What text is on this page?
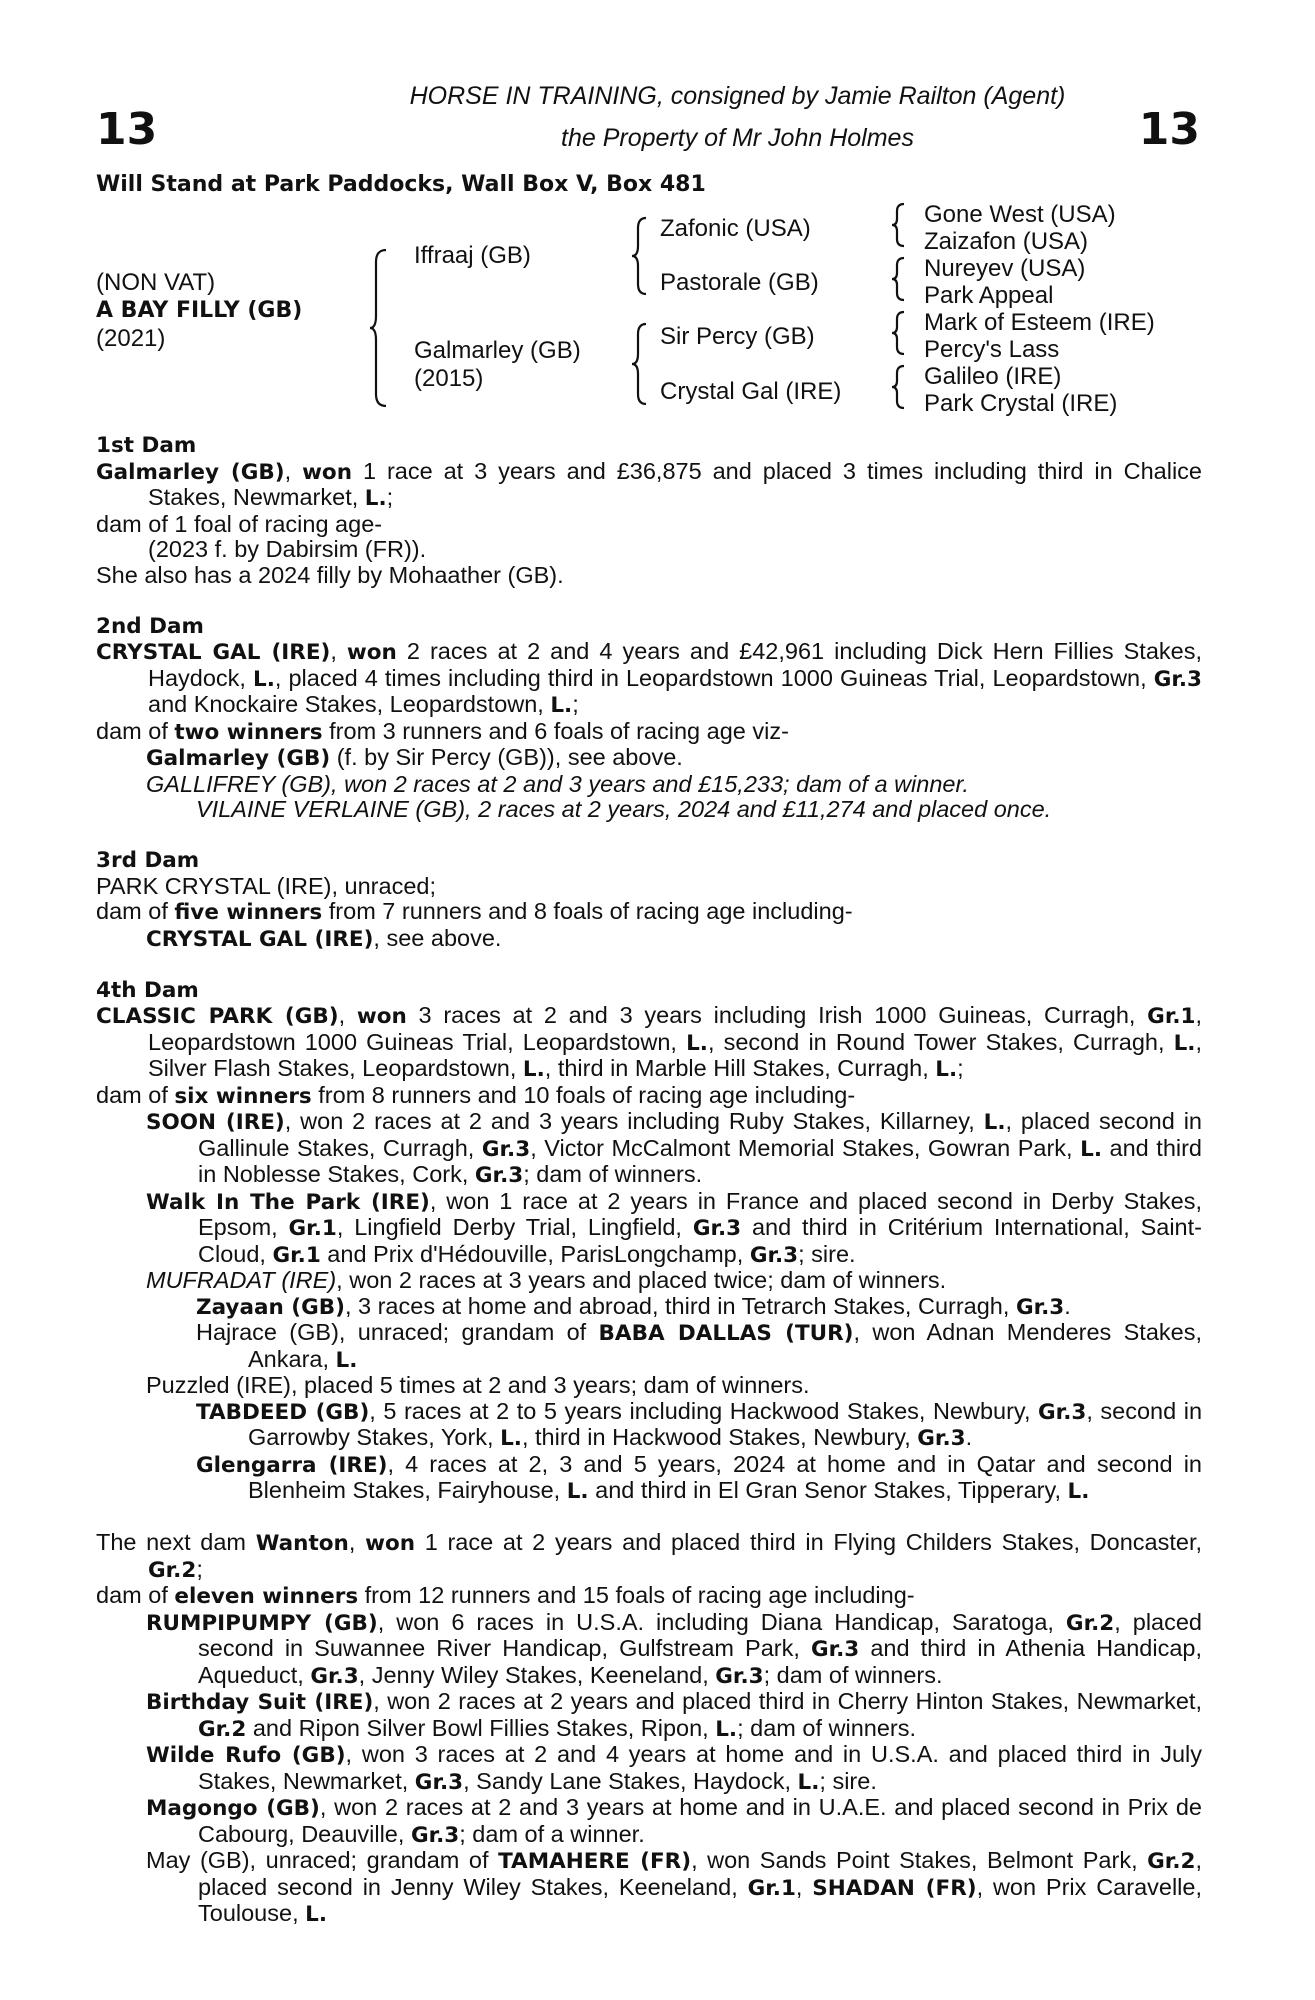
13	13
HORSE IN TRAINING, consigned by Jamie Railton (Agent)
the Property of Mr John Holmes
Will Stand at Park Paddocks, Wall Box V, Box 481
(NON VAT)
A BAY FILLY (GB)
(2021)
Iffraaj (GB)
Galmarley (GB)
(2015)
Zafonic (USA)
Pastorale (GB)
Sir Percy (GB)
Crystal Gal (IRE)
Gone West (USA)
Zaizafon (USA)
Nureyev (USA)
Park Appeal
Mark of Esteem (IRE)
Percy's Lass
Galileo (IRE)
Park Crystal (IRE)

1st Dam

Galmarley (GB), won 1 race at 3 years and £36,875 and placed 3 times including third in Chalice Stakes, Newmarket, L.;

dam of 1 foal of racing age-

(2023 f. by Dabirsim (FR)).

She also has a 2024 filly by Mohaather (GB).

2nd Dam

CRYSTAL GAL (IRE), won 2 races at 2 and 4 years and £42,961 including Dick Hern Fillies Stakes, Haydock, L., placed 4 times including third in Leopardstown 1000 Guineas Trial, Leopardstown, Gr.3 and Knockaire Stakes, Leopardstown, L.;

dam of two winners from 3 runners and 6 foals of racing age viz-

Galmarley (GB) (f. by Sir Percy (GB)), see above.

GALLIFREY (GB), won 2 races at 2 and 3 years and £15,233; dam of a winner.

VILAINE VERLAINE (GB), 2 races at 2 years, 2024 and £11,274 and placed once.

3rd Dam

PARK CRYSTAL (IRE), unraced;

dam of five winners from 7 runners and 8 foals of racing age including-

CRYSTAL GAL (IRE), see above.

4th Dam

CLASSIC PARK (GB), won 3 races at 2 and 3 years including Irish 1000 Guineas, Curragh, Gr.1, Leopardstown 1000 Guineas Trial, Leopardstown, L., second in Round Tower Stakes, Curragh, L., Silver Flash Stakes, Leopardstown, L., third in Marble Hill Stakes, Curragh, L.;

dam of six winners from 8 runners and 10 foals of racing age including-

SOON (IRE), won 2 races at 2 and 3 years including Ruby Stakes, Killarney, L., placed second in Gallinule Stakes, Curragh, Gr.3, Victor McCalmont Memorial Stakes, Gowran Park, L. and third in Noblesse Stakes, Cork, Gr.3; dam of winners.

Walk In The Park (IRE), won 1 race at 2 years in France and placed second in Derby Stakes, Epsom, Gr.1, Lingfield Derby Trial, Lingfield, Gr.3 and third in Critérium International, Saint-Cloud, Gr.1 and Prix d'Hédouville, ParisLongchamp, Gr.3; sire.

MUFRADAT (IRE), won 2 races at 3 years and placed twice; dam of winners.

Zayaan (GB), 3 races at home and abroad, third in Tetrarch Stakes, Curragh, Gr.3.

Hajrace (GB), unraced; grandam of BABA DALLAS (TUR), won Adnan Menderes Stakes, Ankara, L.

Puzzled (IRE), placed 5 times at 2 and 3 years; dam of winners.

TABDEED (GB), 5 races at 2 to 5 years including Hackwood Stakes, Newbury, Gr.3, second in Garrowby Stakes, York, L., third in Hackwood Stakes, Newbury, Gr.3.

Glengarra (IRE), 4 races at 2, 3 and 5 years, 2024 at home and in Qatar and second in Blenheim Stakes, Fairyhouse, L. and third in El Gran Senor Stakes, Tipperary, L.

The next dam Wanton, won 1 race at 2 years and placed third in Flying Childers Stakes, Doncaster, Gr.2;

dam of eleven winners from 12 runners and 15 foals of racing age including-

RUMPIPUMPY (GB), won 6 races in U.S.A. including Diana Handicap, Saratoga, Gr.2, placed second in Suwannee River Handicap, Gulfstream Park, Gr.3 and third in Athenia Handicap, Aqueduct, Gr.3, Jenny Wiley Stakes, Keeneland, Gr.3; dam of winners.

Birthday Suit (IRE), won 2 races at 2 years and placed third in Cherry Hinton Stakes, Newmarket, Gr.2 and Ripon Silver Bowl Fillies Stakes, Ripon, L.; dam of winners.

Wilde Rufo (GB), won 3 races at 2 and 4 years at home and in U.S.A. and placed third in July Stakes, Newmarket, Gr.3, Sandy Lane Stakes, Haydock, L.; sire.

Magongo (GB), won 2 races at 2 and 3 years at home and in U.A.E. and placed second in Prix de Cabourg, Deauville, Gr.3; dam of a winner.

May (GB), unraced; grandam of TAMAHERE (FR), won Sands Point Stakes, Belmont Park, Gr.2, placed second in Jenny Wiley Stakes, Keeneland, Gr.1, SHADAN (FR), won Prix Caravelle, Toulouse, L.
